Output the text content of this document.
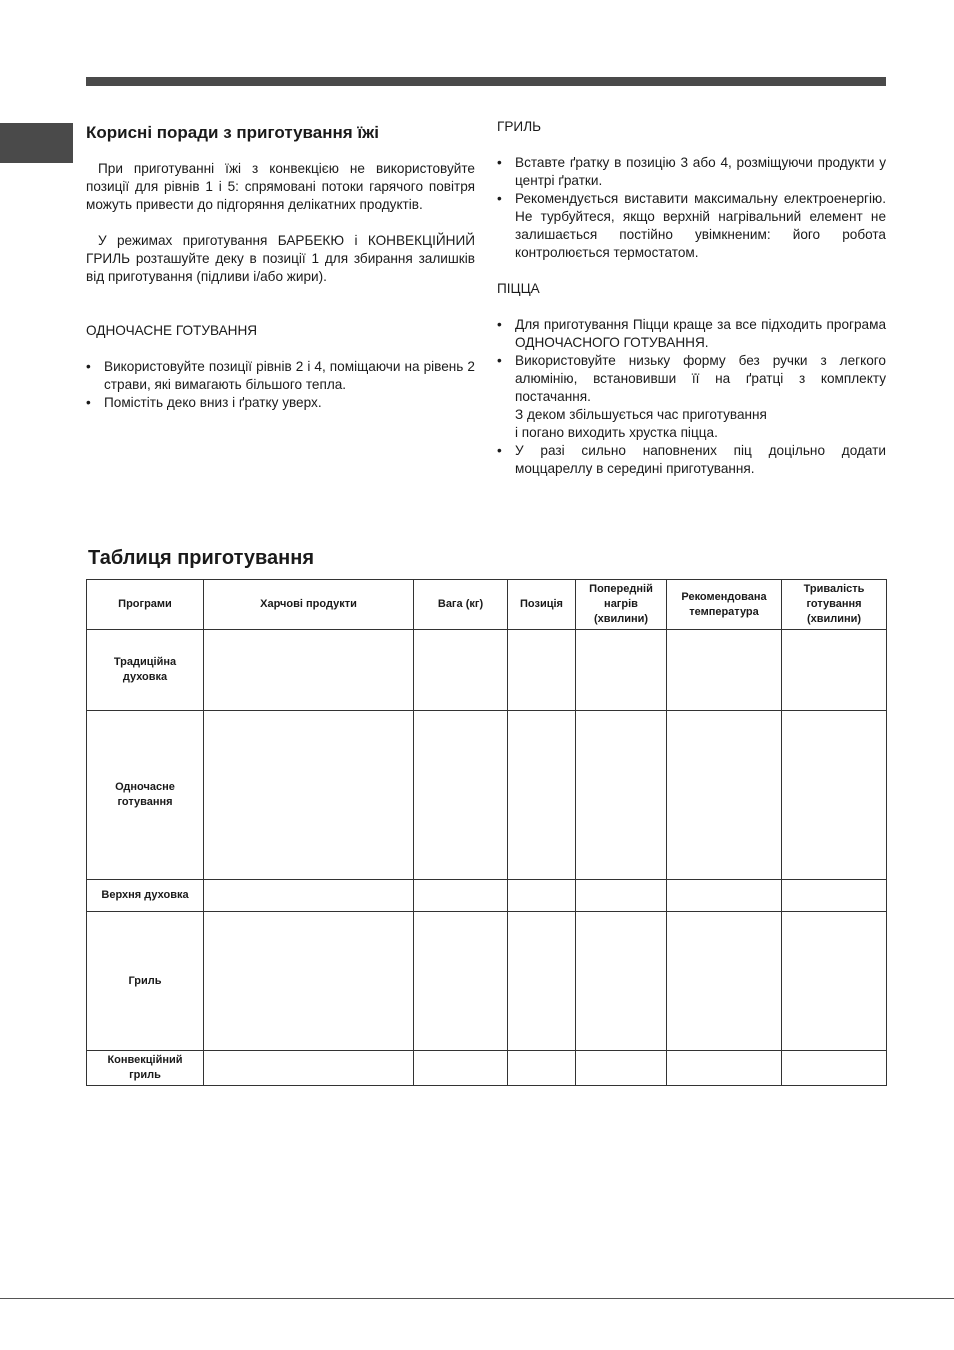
Корисні поради з приготування їжі

При приготуванні їжі з конвекцією не використовуйте позиції для рівнів 1 і 5: спрямовані потоки гарячого повітря можуть привести до підгоряння делікатних продуктів.

У режимах приготування БАРБЕКЮ і КОНВЕКЦІЙНИЙ ГРИЛЬ розташуйте деку в позиції 1 для збирання залишків від приготування (підливи і/або жири).

ОДНОЧАСНЕ ГОТУВАННЯ

• Використовуйте позиції рівнів 2 і 4, поміщаючи на рівень 2 страви, які вимагають більшого тепла.
• Помістіть деко вниз і ґратку уверх.

ГРИЛЬ

• Вставте ґратку в позицію 3 або 4, розміщуючи продукти у центрі ґратки.
• Рекомендується виставити максимальну електроенергію. Не турбуйтеся, якщо верхній нагрівальний елемент не залишається постійно увімкненим: його робота контролюється термостатом.

ПІЦЦА

• Для приготування Піцци краще за все підходить програма ОДНОЧАСНОГО ГОТУВАННЯ.
• Використовуйте низьку форму без ручки з легкого алюмінію, встановивши її на ґратці з комплекту постачання.
З деком збільшується час приготування
і погано виходить хрустка піцца.
• У разі сильно наповнених піц доцільно додати моццареллу в середині приготування.
Таблиця приготування
Програми	Харчові продукти	Вага (кг)	Позиція	Попередній нагрів (хвилини)	Рекомендована температура	Тривалість готування (хвилини)
Традиційна духовка						
Одночасне готування						
Верхня духовка						
Гриль						
Конвекційний гриль						
